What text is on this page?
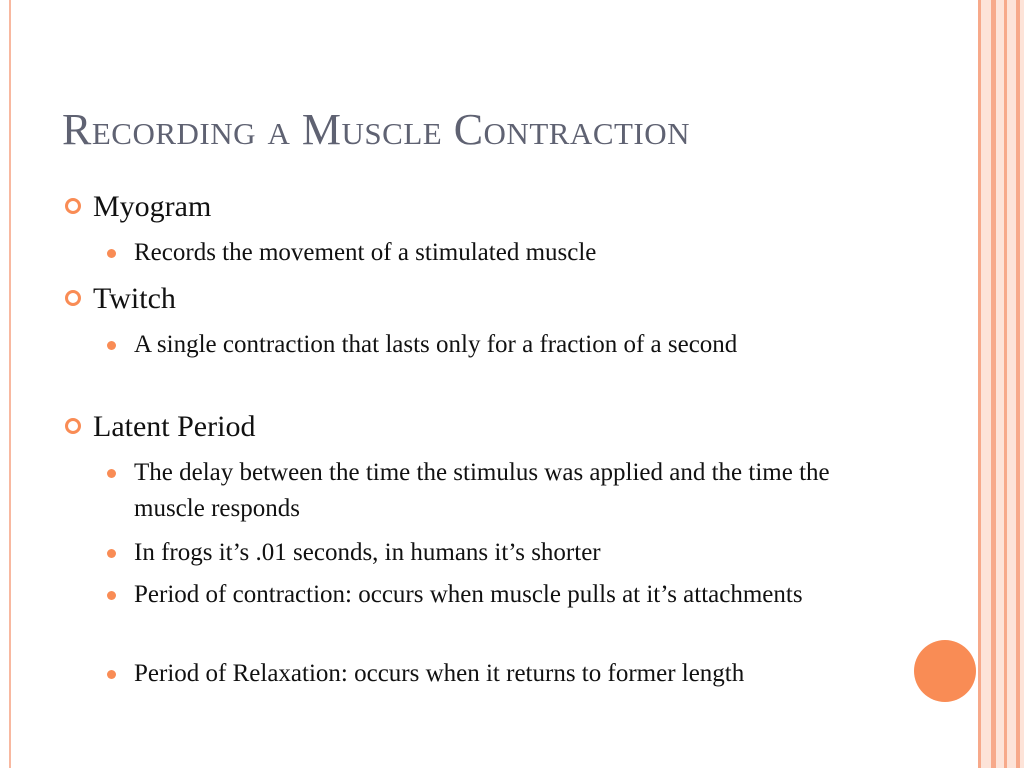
Recording a Muscle Contraction
Myogram
Records the movement of a stimulated muscle
Twitch
A single contraction that lasts only for a fraction of a second
Latent Period
The delay between the time the stimulus was applied and the time the muscle responds
In frogs it’s .01 seconds, in humans it’s shorter
Period of contraction: occurs when muscle pulls at it’s attachments
Period of Relaxation: occurs when it returns to former length
